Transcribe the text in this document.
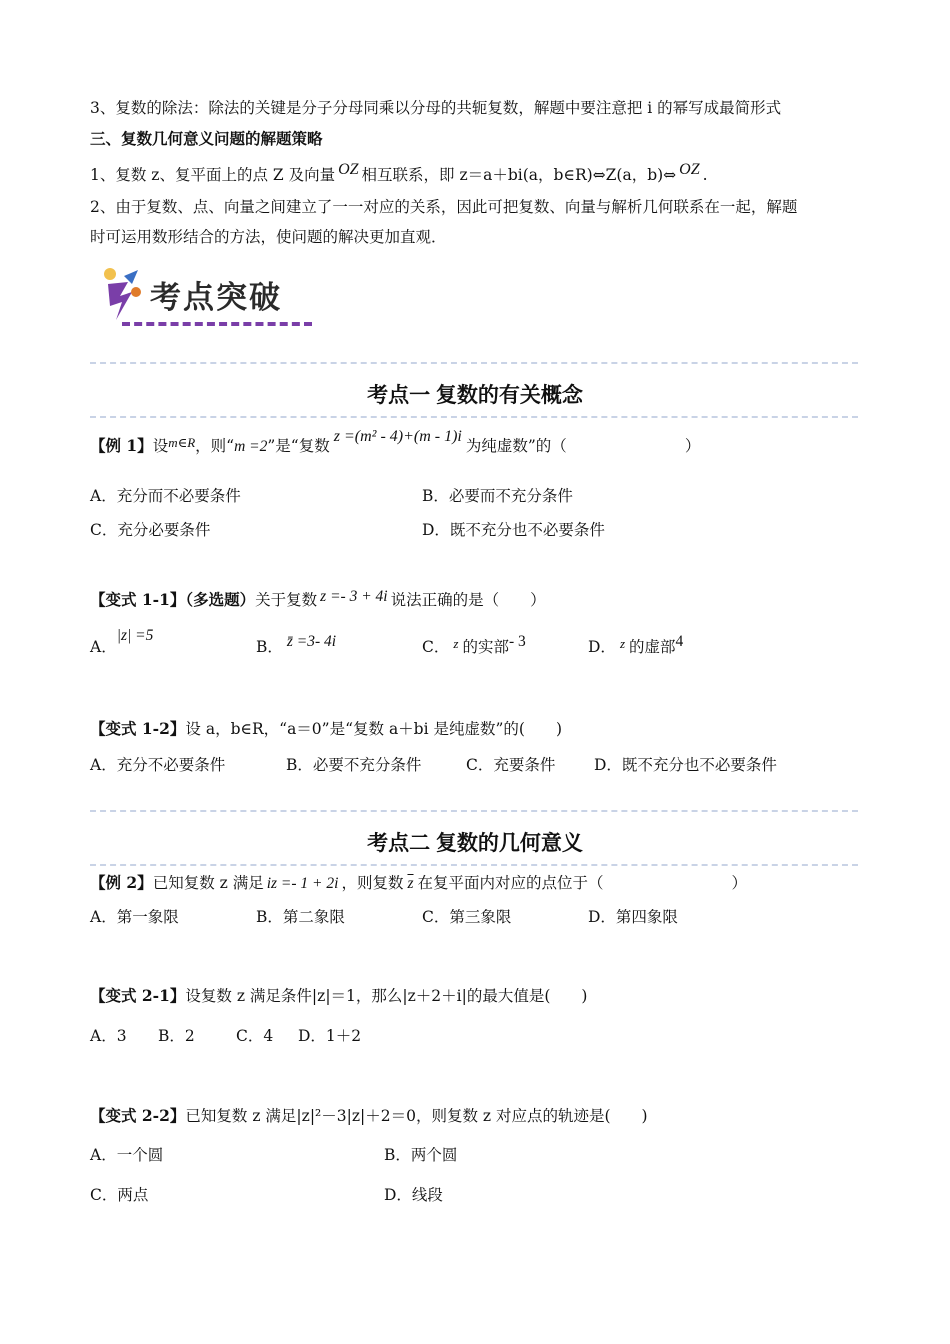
3、复数的除法：除法的关键是分子分母同乘以分母的共轭复数，解题中要注意把 i 的幂写成最简形式
三、复数几何意义问题的解题策略
1、复数 z、复平面上的点 Z 及向量 OZ 相互联系，即 z＝a＋bi(a，b∈R)⇔Z(a，b)⇔ OZ .
2、由于复数、点、向量之间建立了一一对应的关系，因此可把复数、向量与解析几何联系在一起，解题
时可运用数形结合的方法，使问题的解决更加直观．
考点突破
考点一 复数的有关概念
【例 1】设$^{m\in R}$，则“m =2”是“复数z =(m² - 4)+(m - 1)i为纯虚数”的（	）
A．充分而不必要条件	B．必要而不充分条件
C．充分必要条件	D．既不充分也不必要条件
【变式 1-1】（多选题）关于复数 z =- 3 + 4i 说法正确的是（　　）
A．|z| =5
B． z̄ =3- 4i	C． $^z$ 的实部- 3	D． $^z$ 的虚部4
【变式 1-2】设 a，b∈R，“a＝0”是“复数 a＋bi 是纯虚数”的(　　)
A．充分不必要条件	B．必要不充分条件	C．充要条件 D．既不充分也不必要条件
考点二 复数的几何意义
【例 2】已知复数 z 满足 iz =- 1 + 2i ，则复数 $\overline{z}$ 在复平面内对应的点位于（	）
A．第一象限	B．第二象限	C．第三象限	D．第四象限
【变式 2-1】设复数 z 满足条件|z|＝1，那么|z＋2＋i|的最大值是(　　)
A．3 B．2	C．4 D．1＋2
【变式 2-2】已知复数 z 满足|z|²－3|z|＋2＝0，则复数 z 对应点的轨迹是(　　)
A．一个圆	B．两个圆
C．两点	D．线段
